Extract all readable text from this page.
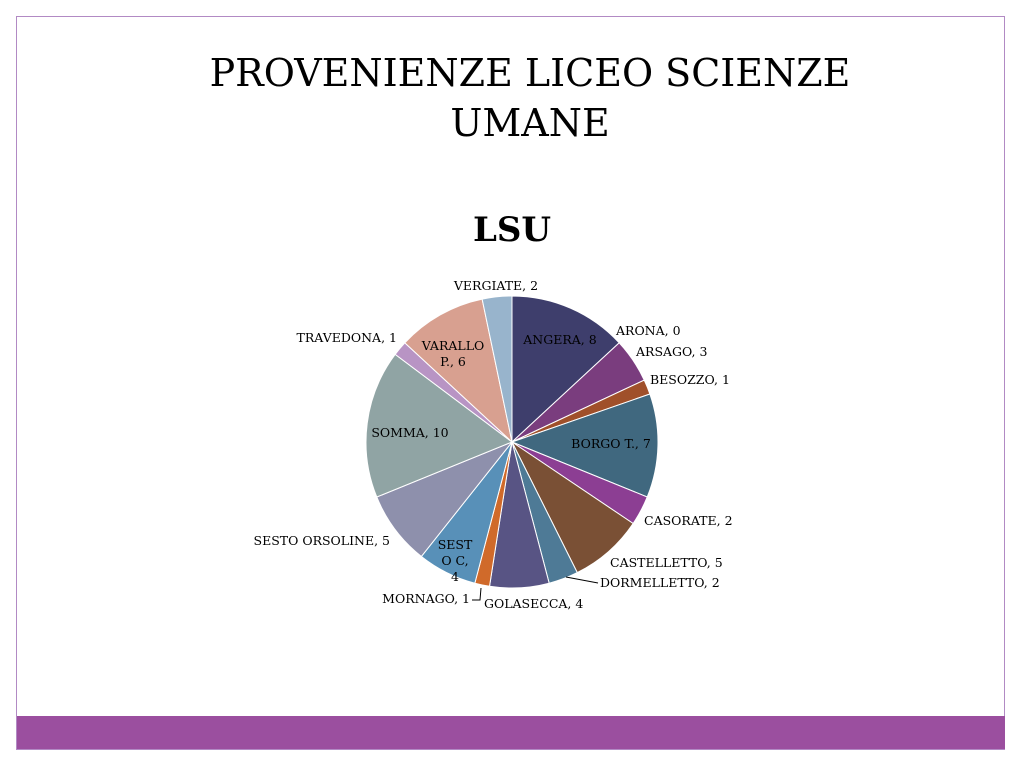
PROVENIENZE LICEO SCIENZE UMANE
LSU
ANGERA, 8
ARONA, 0
ARSAGO, 3
BESOZZO, 1
BORGO T., 7
CASORATE, 2
CASTELLETTO, 5
DORMELLETTO, 2
GOLASECCA, 4
MORNAGO, 1
SEST O C, 4
SESTO ORSOLINE, 5
SOMMA, 10
TRAVEDONA, 1
VARALLO P., 6
VERGIATE, 2
